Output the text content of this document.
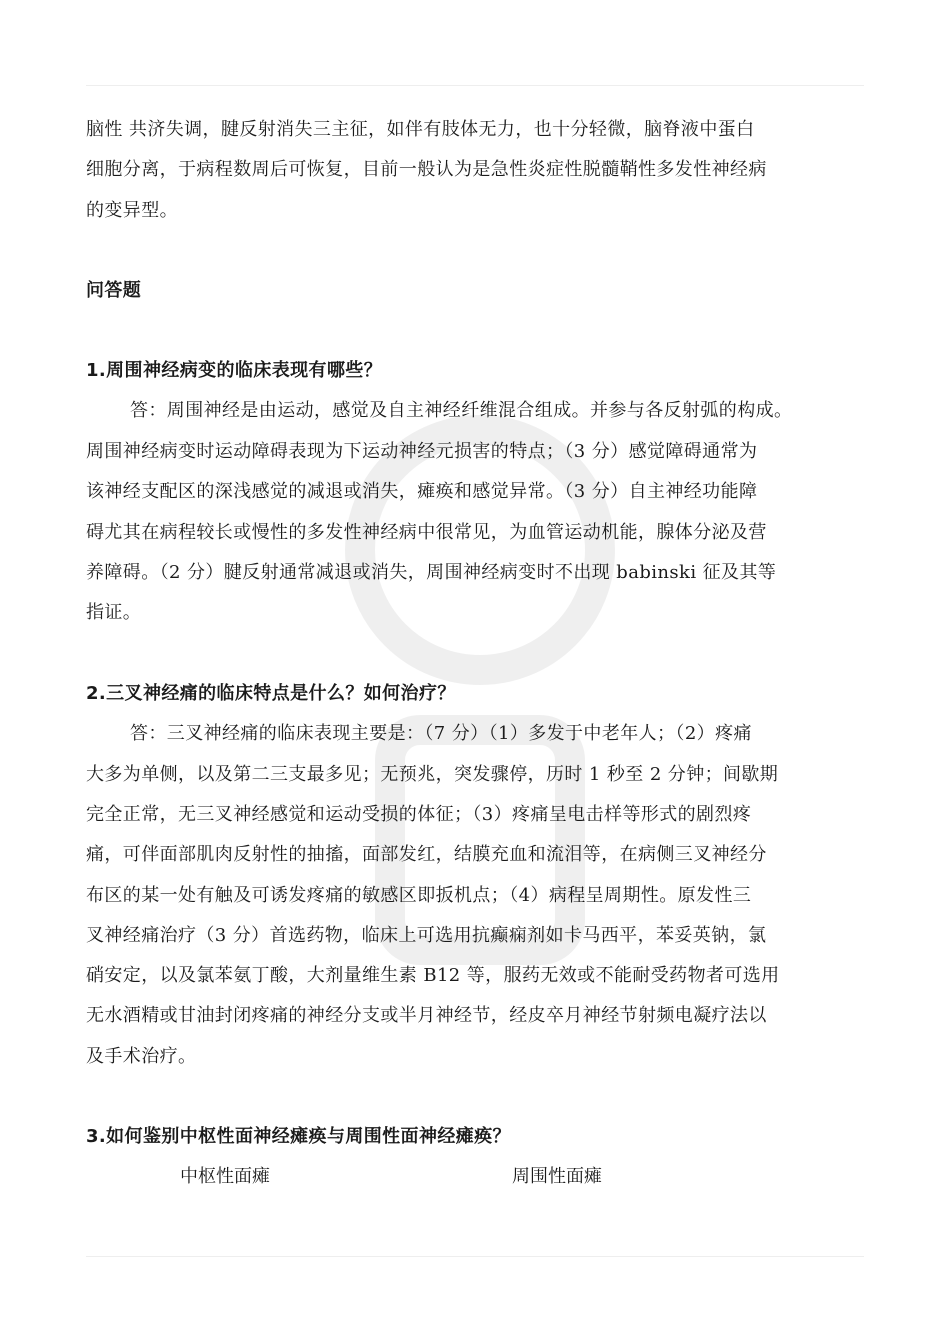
脑性 共济失调，腱反射消失三主征，如伴有肢体无力，也十分轻微，脑脊液中蛋白
细胞分离，于病程数周后可恢复，目前一般认为是急性炎症性脱髓鞘性多发性神经病
的变异型。
问答题
1.周围神经病变的临床表现有哪些？
答：周围神经是由运动，感觉及自主神经纤维混合组成。并参与各反射弧的构成。
周围神经病变时运动障碍表现为下运动神经元损害的特点；（3 分）感觉障碍通常为
该神经支配区的深浅感觉的减退或消失，瘫痪和感觉异常。（3 分）自主神经功能障
碍尤其在病程较长或慢性的多发性神经病中很常见，为血管运动机能，腺体分泌及营
养障碍。（2 分）腱反射通常减退或消失，周围神经病变时不出现 babinski 征及其等
指证。
2.三叉神经痛的临床特点是什么？如何治疗？
答：三叉神经痛的临床表现主要是：（7 分）（1）多发于中老年人；（2）疼痛
大多为单侧，以及第二三支最多见；无预兆，突发骤停，历时 1 秒至 2 分钟；间歇期
完全正常，无三叉神经感觉和运动受损的体征；（3）疼痛呈电击样等形式的剧烈疼
痛，可伴面部肌肉反射性的抽搐，面部发红，结膜充血和流泪等，在病侧三叉神经分
布区的某一处有触及可诱发疼痛的敏感区即扳机点；（4）病程呈周期性。原发性三
叉神经痛治疗（3 分）首选药物，临床上可选用抗癫痫剂如卡马西平，苯妥英钠，氯
硝安定，以及氯苯氨丁酸，大剂量维生素 B12 等，服药无效或不能耐受药物者可选用
无水酒精或甘油封闭疼痛的神经分支或半月神经节，经皮卒月神经节射频电凝疗法以
及手术治疗。
3.如何鉴别中枢性面神经瘫痪与周围性面神经瘫痪？
中枢性面瘫	周围性面瘫
